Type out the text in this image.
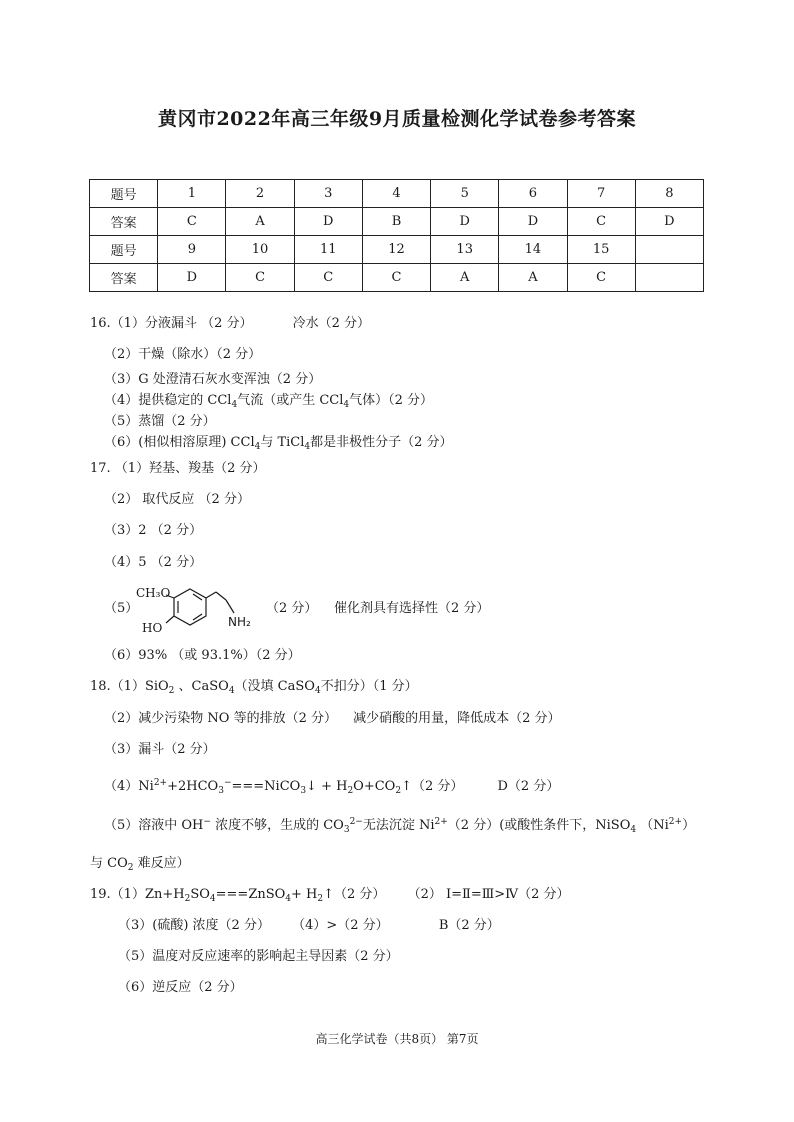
黄冈市2022年高三年级9月质量检测化学试卷参考答案
题号	1	2	3	4	5	6	7	8
答案	C	A	D	B	D	D	C	D
题号	9	10	11	12	13	14	15	
答案	D	C	C	C	A	A	C	
16.（1）分液漏斗 （2 分）	冷水（2 分）
（2）干燥（除水）（2 分）
（3）G 处澄清石灰水变浑浊（2 分）
（4）提供稳定的 CCl$_4$气流（或产生 CCl$_4$气体）（2 分）
（5）蒸馏（2 分）
（6）(相似相溶原理) CCl$_4$与 TiCl$_4$都是非极性分子（2 分）
17. （1）羟基、羧基（2 分）
（2） 取代反应 （2 分）
（3）2 （2 分）
（4）5 （2 分）
（5）
CH₃O
HO	NH₂
（2 分） 催化剂具有选择性（2 分）
（6）93% （或 93.1%）（2 分）
18.（1）SiO$_2$ 、CaSO$_4$（没填 CaSO$_4$不扣分）（1 分）
（2）减少污染物 NO 等的排放（2 分） 减少硝酸的用量，降低成本（2 分）
（3）漏斗（2 分）
$(4)Ni^{2+}+2HCO_3^-===NiCO_3↓$ + $H_2O+CO_2↑(2$ 分）	D（2 分）
（5）溶液中 OH− 浓度不够，生成的 $CO_3^{2-}$无法沉淀 $Ni^{2+}(2$ 分）(或酸性条件下，NiSO$_4$ $(Ni^{2+})$
与 $CO_2$ 难反应）
$19.(1)Zn+H_2SO_4===ZnSO_4+$ $H_2↑(2$ 分） （2） Ⅰ=Ⅱ=Ⅲ>Ⅳ（2 分）
（3）(硫酸) 浓度（2 分） （4）>（2 分）	B（2 分）
（5）温度对反应速率的影响起主导因素（2 分）
（6）逆反应（2 分）
高三化学试卷（共8页） 第7页
